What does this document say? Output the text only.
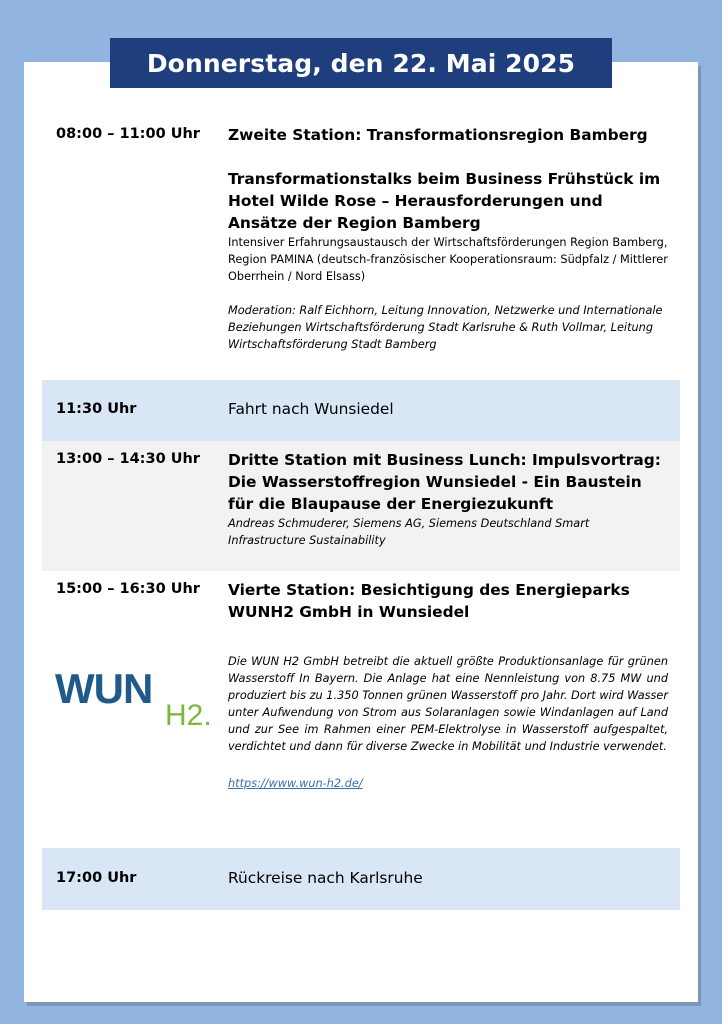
Donnerstag, den 22. Mai 2025
08:00 – 11:00 Uhr Zweite Station: Transformationsregion Bamberg

Transformationstalks beim Business Frühstück im Hotel Wilde Rose – Herausforderungen und Ansätze der Region Bamberg

Intensiver Erfahrungsaustausch der Wirtschaftsförderungen Region Bamberg, Region PAMINA (deutsch-französischer Kooperationsraum: Südpfalz / Mittlerer Oberrhein / Nord Elsass)

Moderation: Ralf Eichhorn, Leitung Innovation, Netzwerke und Internationale Beziehungen Wirtschaftsförderung Stadt Karlsruhe & Ruth Vollmar, Leitung Wirtschaftsförderung Stadt Bamberg

11:30 Uhr	Fahrt nach Wunsiedel
13:00 – 14:30 Uhr Dritte Station mit Business Lunch: Impulsvortrag: Die Wasserstoffregion Wunsiedel - Ein Baustein für die Blaupause der Energiezukunft

Andreas Schmuderer, Siemens AG, Siemens Deutschland Smart Infrastructure Sustainability

15:00 – 16:30 Uhr Vierte Station: Besichtigung des Energieparks WUNH2 GmbH in Wunsiedel

Die WUN H2 GmbH betreibt die aktuell größte Produktionsanlage für grünen Wasserstoff In Bayern. Die Anlage hat eine Nennleistung von 8.75 MW und produziert bis zu 1.350 Tonnen grünen Wasserstoff pro Jahr. Dort wird Wasser unter Aufwendung von Strom aus Solaranlagen sowie Windanlagen auf Land und zur See im Rahmen einer PEM-Elektrolyse in Wasserstoff aufgespaltet, verdichtet und dann für diverse Zwecke in Mobilität und Industrie verwendet.

https://www.wun-h2.de/

WUN
H2.
17:00 Uhr	Rückreise nach Karlsruhe
